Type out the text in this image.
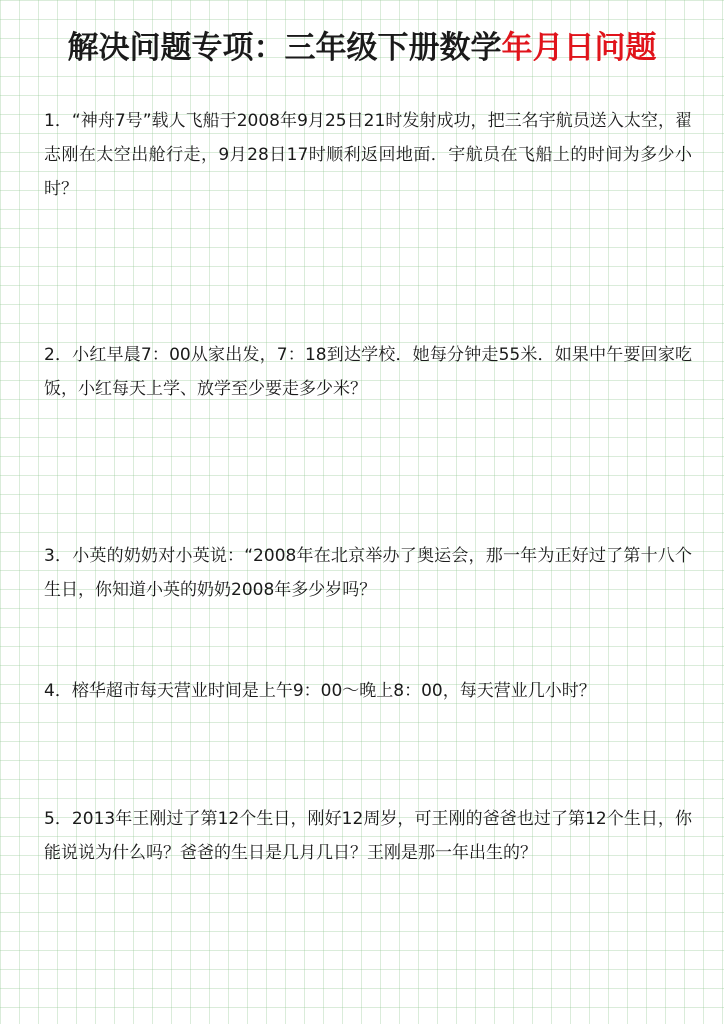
解决问题专项：三年级下册数学年月日问题
1．“神舟7号”载人飞船于2008年9月25日21时发射成功，把三名宇航员送入太空，翟志刚在太空出舱行走，9月28日17时顺利返回地面．宇航员在飞船上的时间为多少小时？
2．小红早晨7：00从家出发，7：18到达学校．她每分钟走55米．如果中午要回家吃饭，小红每天上学、放学至少要走多少米？
3．小英的奶奶对小英说：“2008年在北京举办了奥运会，那一年为正好过了第十八个生日，你知道小英的奶奶2008年多少岁吗？
4．榕华超市每天营业时间是上午9：00～晚上8：00，每天营业几小时？
5．2013年王刚过了第12个生日，刚好12周岁，可王刚的爸爸也过了第12个生日，你能说说为什么吗？爸爸的生日是几月几日？王刚是那一年出生的？
